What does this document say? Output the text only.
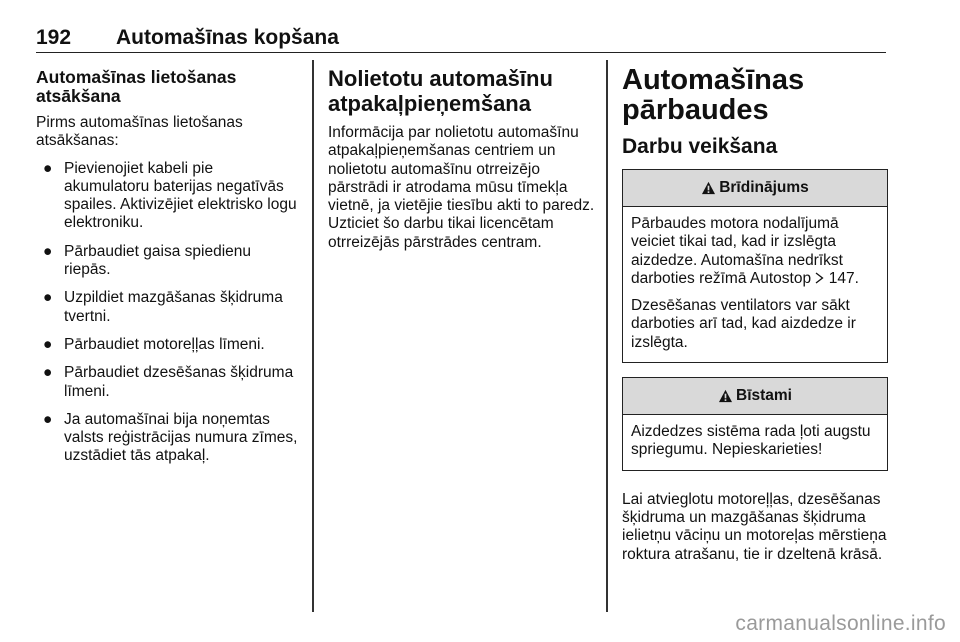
192 Automašīnas kopšana
Automašīnas lietošanas atsākšana

Pirms automašīnas lietošanas atsākšanas:

● Pievienojiet kabeli pie akumulatoru baterijas negatīvās spailes. Aktivizējiet elektrisko logu elektroniku.
● Pārbaudiet gaisa spiedienu riepās.
● Uzpildiet mazgāšanas šķidruma tvertni.
● Pārbaudiet motoreļļas līmeni.
● Pārbaudiet dzesēšanas šķidruma līmeni.
● Ja automašīnai bija noņemtas valsts reģistrācijas numura zīmes, uzstādiet tās atpakaļ.
Nolietotu automašīnu atpakaļpieņemšana

Informācija par nolietotu automašīnu atpakaļpieņemšanas centriem un nolietotu automašīnu otrreizējo pārstrādi ir atrodama mūsu tīmekļa vietnē, ja vietējie tiesību akti to paredz. Uzticiet šo darbu tikai licencētam otrreizējās pārstrādes centram.

Automašīnas pārbaudes
Darbu veikšana
Brīdinājums

Pārbaudes motora nodalījumā veiciet tikai tad, kad ir izslēgta aizdedze. Automašīna nedrīkst darboties režīmā Autostop 147.

Dzesēšanas ventilators var sākt darboties arī tad, kad aizdedze ir izslēgta.

Bīstami

Aizdedzes sistēma rada ļoti augstu spriegumu. Nepieskarieties!

Lai atvieglotu motoreļļas, dzesēšanas šķidruma un mazgāšanas šķidruma ielietņu vāciņu un motoreļas mērstieņa roktura atrašanu, tie ir dzeltenā krāsā.

carmanualsonline.info
